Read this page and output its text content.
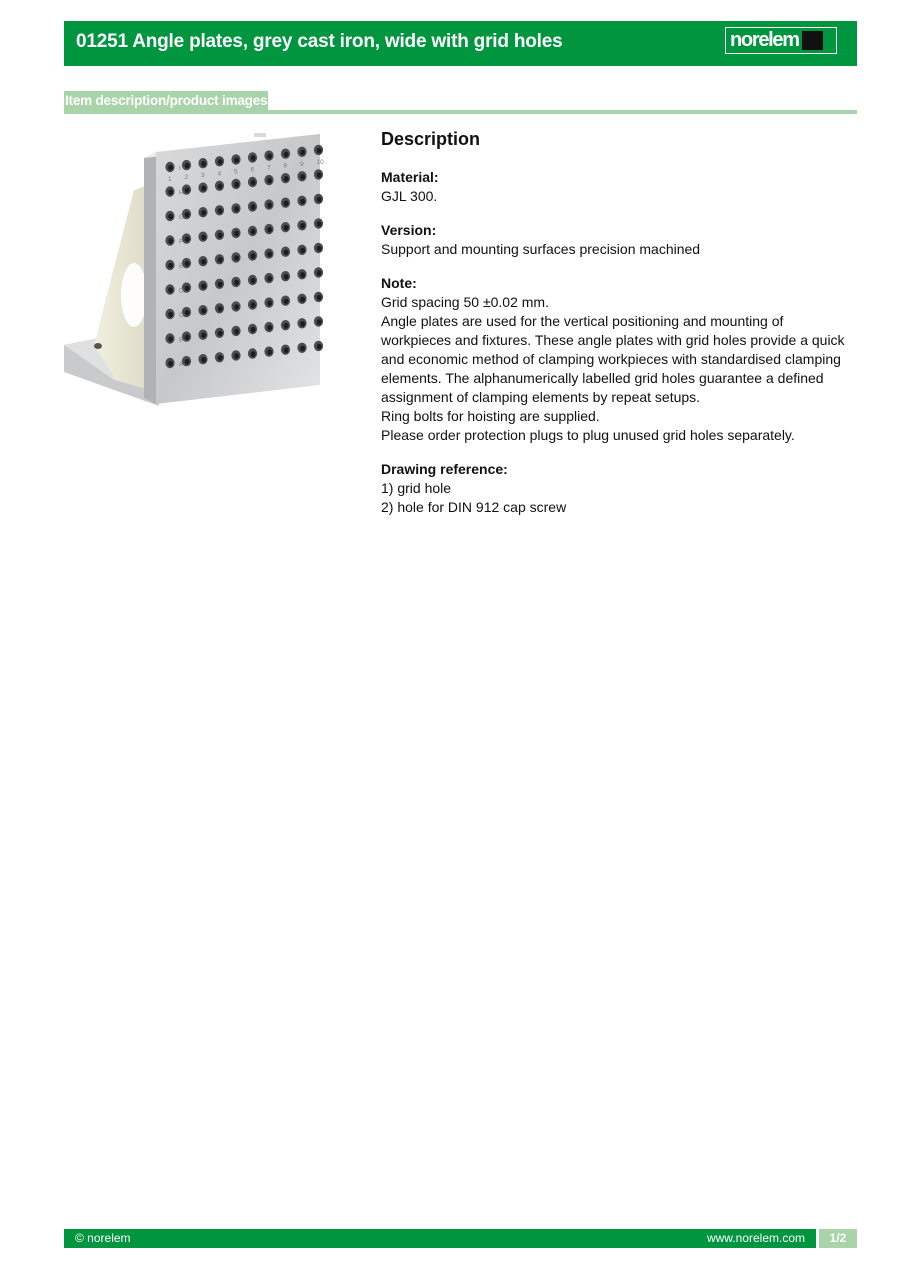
01251 Angle plates, grey cast iron, wide with grid holes	norelem
Item description/product images
1 2 3 4 5 6 7 8 9 10
I
H
G
F
E
D
C
B
A
Description
Material:
GJL 300.
Version:
Support and mounting surfaces precision machined
Note:
Grid spacing 50 ±0.02 mm.
Angle plates are used for the vertical positioning and mounting of workpieces and fixtures. These angle plates with grid holes provide a quick and economic method of clamping workpieces with standardised clamping elements. The alphanumerically labelled grid holes guarantee a defined assignment of clamping elements by repeat setups.
Ring bolts for hoisting are supplied.
Please order protection plugs to plug unused grid holes separately.
Drawing reference:
1) grid hole
2) hole for DIN 912 cap screw
© norelem	www.norelem.com	1/2
